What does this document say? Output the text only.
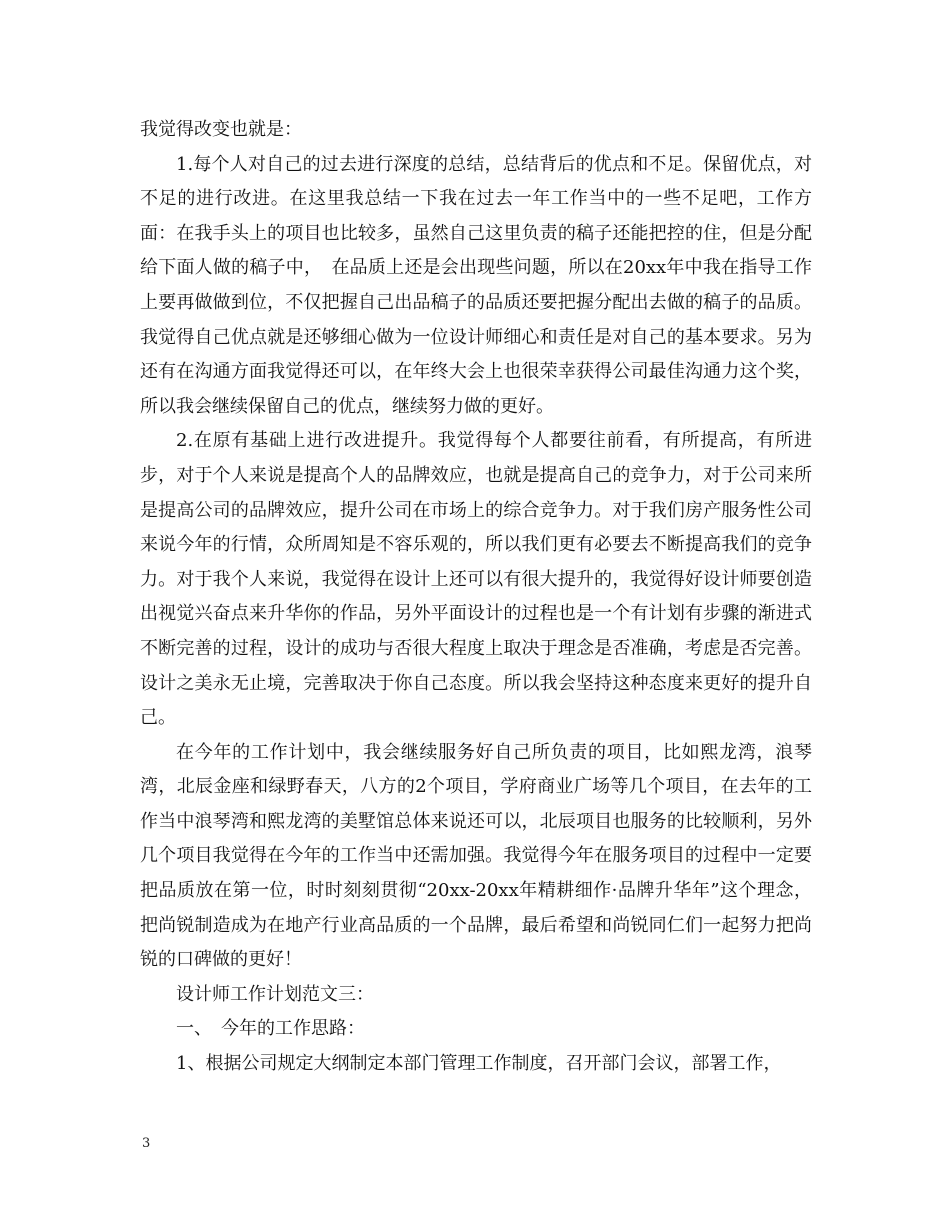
我觉得改变也就是：

1.每个人对自己的过去进行深度的总结，总结背后的优点和不足。保留优点，对不足的进行改进。在这里我总结一下我在过去一年工作当中的一些不足吧，工作方面：在我手头上的项目也比较多，虽然自己这里负责的稿子还能把控的住，但是分配给下面人做的稿子中，　在品质上还是会出现些问题，所以在20xx年中我在指导工作上要再做做到位，不仅把握自己出品稿子的品质还要把握分配出去做的稿子的品质。我觉得自己优点就是还够细心做为一位设计师细心和责任是对自己的基本要求。另为还有在沟通方面我觉得还可以，在年终大会上也很荣幸获得公司最佳沟通力这个奖，所以我会继续保留自己的优点，继续努力做的更好。

2.在原有基础上进行改进提升。我觉得每个人都要往前看，有所提高，有所进步，对于个人来说是提高个人的品牌效应，也就是提高自己的竞争力，对于公司来所是提高公司的品牌效应，提升公司在市场上的综合竞争力。对于我们房产服务性公司来说今年的行情，众所周知是不容乐观的，所以我们更有必要去不断提高我们的竞争力。对于我个人来说，我觉得在设计上还可以有很大提升的，我觉得好设计师要创造出视觉兴奋点来升华你的作品，另外平面设计的过程也是一个有计划有步骤的渐进式不断完善的过程，设计的成功与否很大程度上取决于理念是否准确，考虑是否完善。设计之美永无止境，完善取决于你自己态度。所以我会坚持这种态度来更好的提升自己。

在今年的工作计划中，我会继续服务好自己所负责的项目，比如熙龙湾，浪琴湾，北辰金座和绿野春天，八方的2个项目，学府商业广场等几个项目，在去年的工作当中浪琴湾和熙龙湾的美墅馆总体来说还可以，北辰项目也服务的比较顺利，另外几个项目我觉得在今年的工作当中还需加强。我觉得今年在服务项目的过程中一定要把品质放在第一位，时时刻刻贯彻“20xx-20xx年精耕细作·品牌升华年”这个理念，把尚锐制造成为在地产行业高品质的一个品牌，最后希望和尚锐同仁们一起努力把尚锐的口碑做的更好！

设计师工作计划范文三：

一、　今年的工作思路：

1、根据公司规定大纲制定本部门管理工作制度，召开部门会议，部署工作，

3
